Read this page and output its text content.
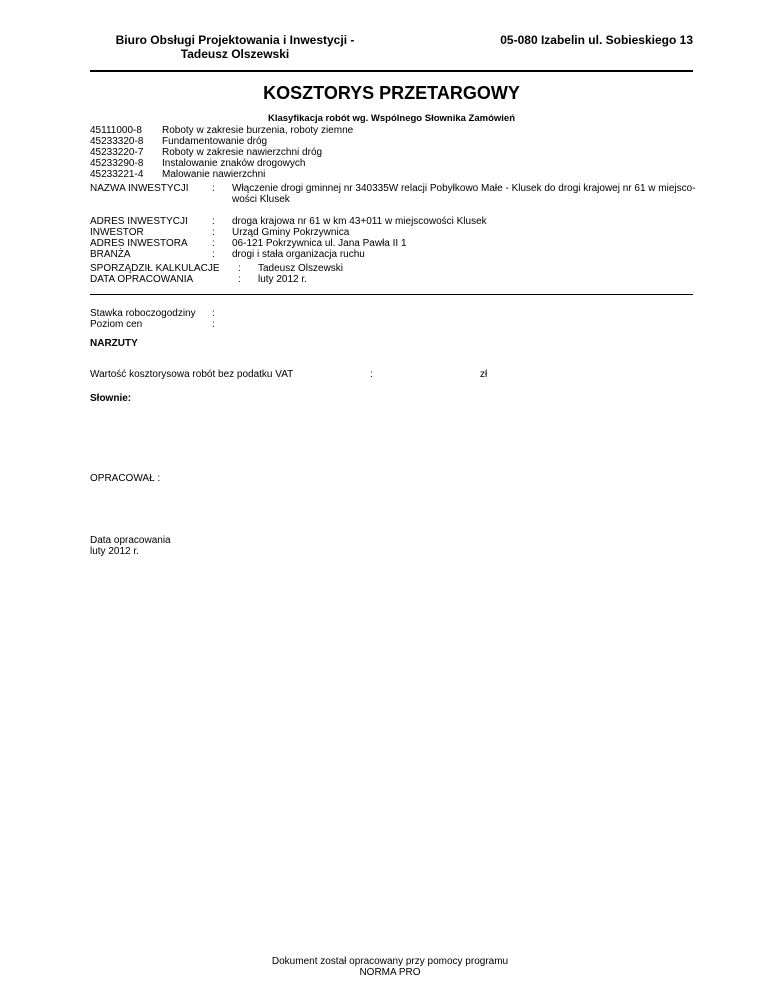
Biuro Obsługi Projektowania i Inwestycji -
Tadeusz Olszewski
05-080 Izabelin ul. Sobieskiego 13
KOSZTORYS PRZETARGOWY
Klasyfikacja robót wg. Wspólnego Słownika Zamówień
45111000-8 Roboty w zakresie burzenia, roboty ziemne
45233320-8 Fundamentowanie dróg
45233220-7 Roboty w zakresie nawierzchni dróg
45233290-8 Instalowanie znaków drogowych
45233221-4 Malowanie nawierzchni
NAZWA INWESTYCJI	:	Włączenie drogi gminnej nr 340335W relacji Pobyłkowo Małe - Klusek do drogi krajowej nr 61 w miejsco-
wości Klusek
ADRES INWESTYCJI	:	droga krajowa nr 61 w km 43+011 w miejscowości Klusek
INWESTOR	:	Urząd Gminy Pokrzywnica
ADRES INWESTORA	:	06-121 Pokrzywnica ul. Jana Pawła II 1
BRANŻA	:	drogi i stała organizacja ruchu
SPORZĄDZIŁ KALKULACJE	:	Tadeusz Olszewski
DATA OPRACOWANIA	:	luty 2012 r.
Stawka roboczogodziny	:
Poziom cen	:
NARZUTY
Wartość kosztorysowa robót bez podatku VAT	:	zł
Słownie:
OPRACOWAŁ :
Data opracowania
luty 2012 r.
Dokument został opracowany przy pomocy programu
NORMA PRO
